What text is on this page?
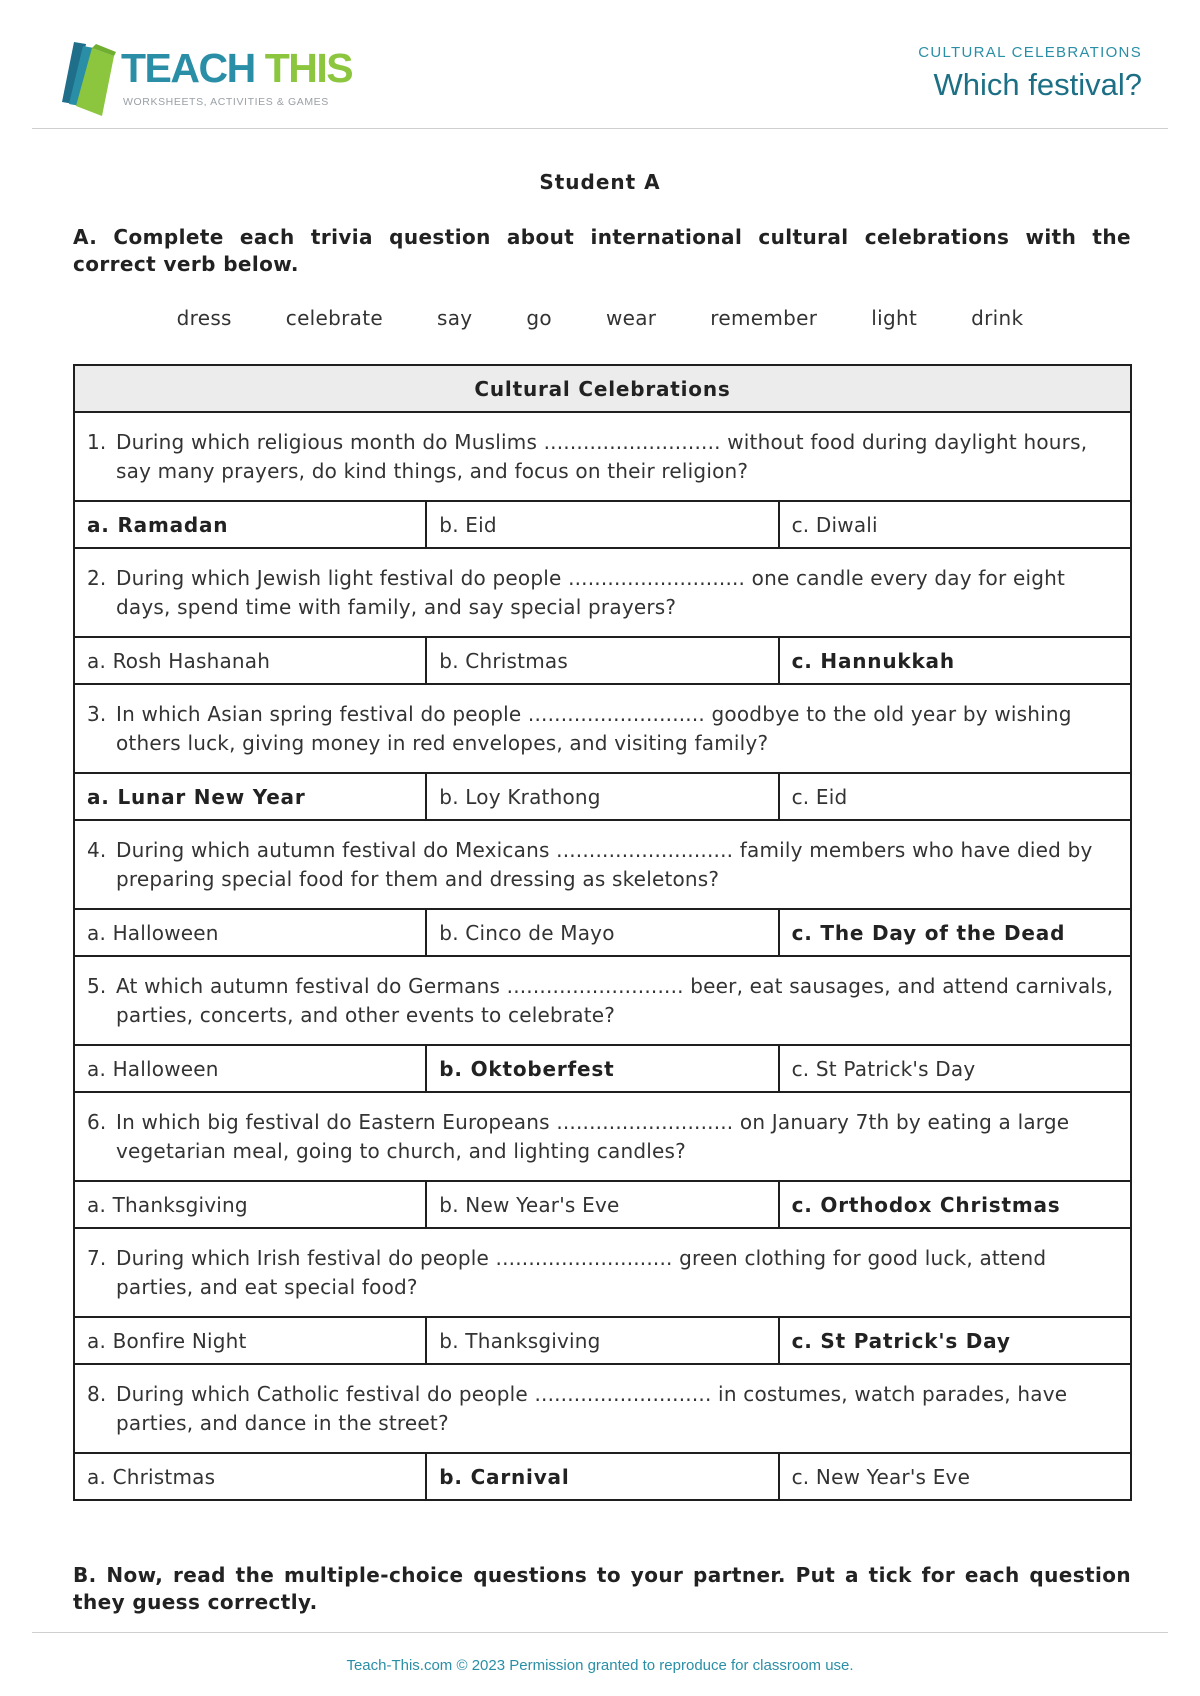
TEACH THIS
WORKSHEETS, ACTIVITIES & GAMES
CULTURAL CELEBRATIONS
Which festival?
Student A
A. Complete each trivia question about international cultural celebrations with the correct verb below.
dress	celebrate	say	go	wear	remember	light	drink
Cultural Celebrations		

1. During which religious month do Muslims ........................... without food during daylight hours, say many prayers, do kind things, and focus on their religion?		

a. Ramadan	b. Eid	c. Diwali

2. During which Jewish light festival do people ........................... one candle every day for eight days, spend time with family, and say special prayers?		

a. Rosh Hashanah	b. Christmas	c. Hannukkah

3. In which Asian spring festival do people ........................... goodbye to the old year by wishing others luck, giving money in red envelopes, and visiting family?		

a. Lunar New Year	b. Loy Krathong	c. Eid

4. During which autumn festival do Mexicans ........................... family members who have died by preparing special food for them and dressing as skeletons?		

a. Halloween	b. Cinco de Mayo	c. The Day of the Dead

5. At which autumn festival do Germans ........................... beer, eat sausages, and attend carnivals, parties, concerts, and other events to celebrate?		

a. Halloween	b. Oktoberfest	c. St Patrick's Day

6. In which big festival do Eastern Europeans ........................... on January 7th by eating a large vegetarian meal, going to church, and lighting candles?		

a. Thanksgiving	b. New Year's Eve	c. Orthodox Christmas

7. During which Irish festival do people ........................... green clothing for good luck, attend parties, and eat special food?		

a. Bonfire Night	b. Thanksgiving	c. St Patrick's Day

8. During which Catholic festival do people ........................... in costumes, watch parades, have parties, and dance in the street?		

a. Christmas	b. Carnival	c. New Year's Eve
B. Now, read the multiple-choice questions to your partner. Put a tick for each question they guess correctly.
Teach-This.com © 2023 Permission granted to reproduce for classroom use.
